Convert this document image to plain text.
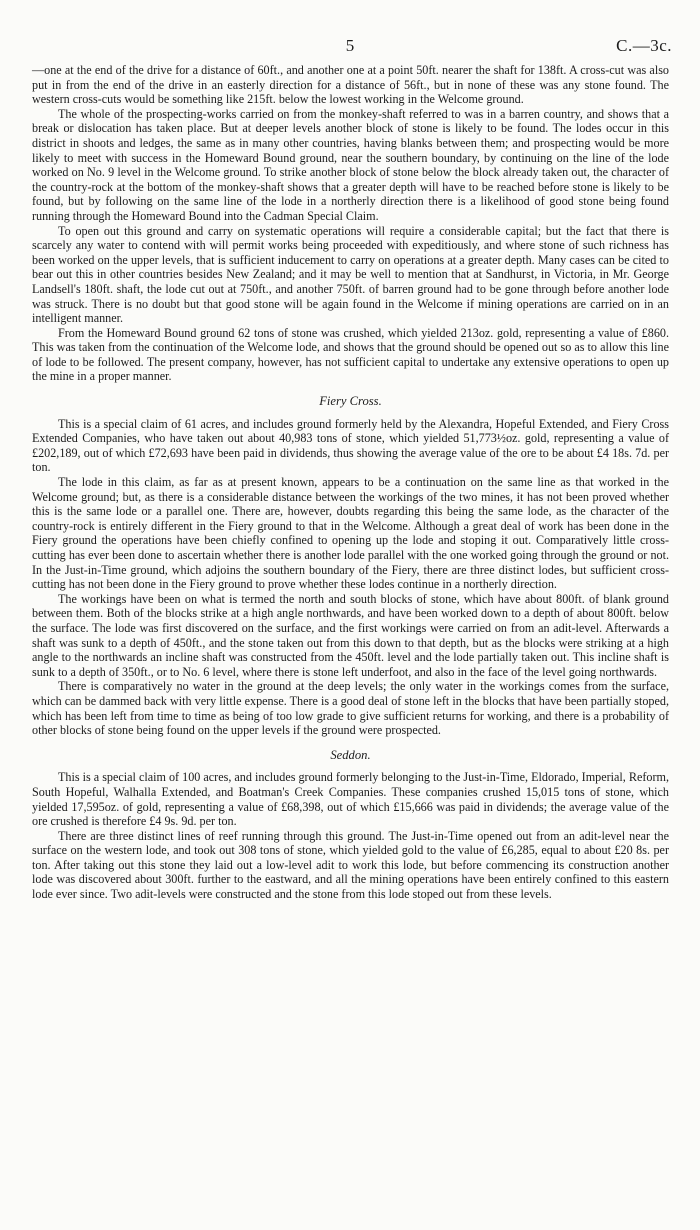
5	C.—3c.

—one at the end of the drive for a distance of 60ft., and another one at a point 50ft. nearer the shaft for 138ft. A cross-cut was also put in from the end of the drive in an easterly direction for a distance of 56ft., but in none of these was any stone found. The western cross-cuts would be something like 215ft. below the lowest working in the Welcome ground.

The whole of the prospecting-works carried on from the monkey-shaft referred to was in a barren country, and shows that a break or dislocation has taken place. But at deeper levels another block of stone is likely to be found. The lodes occur in this district in shoots and ledges, the same as in many other countries, having blanks between them; and prospecting would be more likely to meet with success in the Homeward Bound ground, near the southern boundary, by continuing on the line of the lode worked on No. 9 level in the Welcome ground. To strike another block of stone below the block already taken out, the character of the country-rock at the bottom of the monkey-shaft shows that a greater depth will have to be reached before stone is likely to be found, but by following on the same line of the lode in a northerly direction there is a likelihood of good stone being found running through the Homeward Bound into the Cadman Special Claim.

To open out this ground and carry on systematic operations will require a considerable capital; but the fact that there is scarcely any water to contend with will permit works being proceeded with expeditiously, and where stone of such richness has been worked on the upper levels, that is sufficient inducement to carry on operations at a greater depth. Many cases can be cited to bear out this in other countries besides New Zealand; and it may be well to mention that at Sandhurst, in Victoria, in Mr. George Landsell's 180ft. shaft, the lode cut out at 750ft., and another 750ft. of barren ground had to be gone through before another lode was struck. There is no doubt but that good stone will be again found in the Welcome if mining operations are carried on in an intelligent manner.

From the Homeward Bound ground 62 tons of stone was crushed, which yielded 213oz. gold, representing a value of £860. This was taken from the continuation of the Welcome lode, and shows that the ground should be opened out so as to allow this line of lode to be followed. The present company, however, has not sufficient capital to undertake any extensive operations to open up the mine in a proper manner.

Fiery Cross.

This is a special claim of 61 acres, and includes ground formerly held by the Alexandra, Hopeful Extended, and Fiery Cross Extended Companies, who have taken out about 40,983 tons of stone, which yielded 51,773½oz. gold, representing a value of £202,189, out of which £72,693 have been paid in dividends, thus showing the average value of the ore to be about £4 18s. 7d. per ton.

The lode in this claim, as far as at present known, appears to be a continuation on the same line as that worked in the Welcome ground; but, as there is a considerable distance between the workings of the two mines, it has not been proved whether this is the same lode or a parallel one. There are, however, doubts regarding this being the same lode, as the character of the country-rock is entirely different in the Fiery ground to that in the Welcome. Although a great deal of work has been done in the Fiery ground the operations have been chiefly confined to opening up the lode and stoping it out. Comparatively little cross-cutting has ever been done to ascertain whether there is another lode parallel with the one worked going through the ground or not. In the Just-in-Time ground, which adjoins the southern boundary of the Fiery, there are three distinct lodes, but sufficient cross-cutting has not been done in the Fiery ground to prove whether these lodes continue in a northerly direction.

The workings have been on what is termed the north and south blocks of stone, which have about 800ft. of blank ground between them. Both of the blocks strike at a high angle northwards, and have been worked down to a depth of about 800ft. below the surface. The lode was first discovered on the surface, and the first workings were carried on from an adit-level. Afterwards a shaft was sunk to a depth of 450ft., and the stone taken out from this down to that depth, but as the blocks were striking at a high angle to the northwards an incline shaft was constructed from the 450ft. level and the lode partially taken out. This incline shaft is sunk to a depth of 350ft., or to No. 6 level, where there is stone left underfoot, and also in the face of the level going northwards.

There is comparatively no water in the ground at the deep levels; the only water in the workings comes from the surface, which can be dammed back with very little expense. There is a good deal of stone left in the blocks that have been partially stoped, which has been left from time to time as being of too low grade to give sufficient returns for working, and there is a probability of other blocks of stone being found on the upper levels if the ground were prospected.

Seddon.

This is a special claim of 100 acres, and includes ground formerly belonging to the Just-in-Time, Eldorado, Imperial, Reform, South Hopeful, Walhalla Extended, and Boatman's Creek Companies. These companies crushed 15,015 tons of stone, which yielded 17,595oz. of gold, representing a value of £68,398, out of which £15,666 was paid in dividends; the average value of the ore crushed is therefore £4 9s. 9d. per ton.

There are three distinct lines of reef running through this ground. The Just-in-Time opened out from an adit-level near the surface on the western lode, and took out 308 tons of stone, which yielded gold to the value of £6,285, equal to about £20 8s. per ton. After taking out this stone they laid out a low-level adit to work this lode, but before commencing its construction another lode was discovered about 300ft. further to the eastward, and all the mining operations have been entirely confined to this eastern lode ever since. Two adit-levels were constructed and the stone from this lode stoped out from these levels.
